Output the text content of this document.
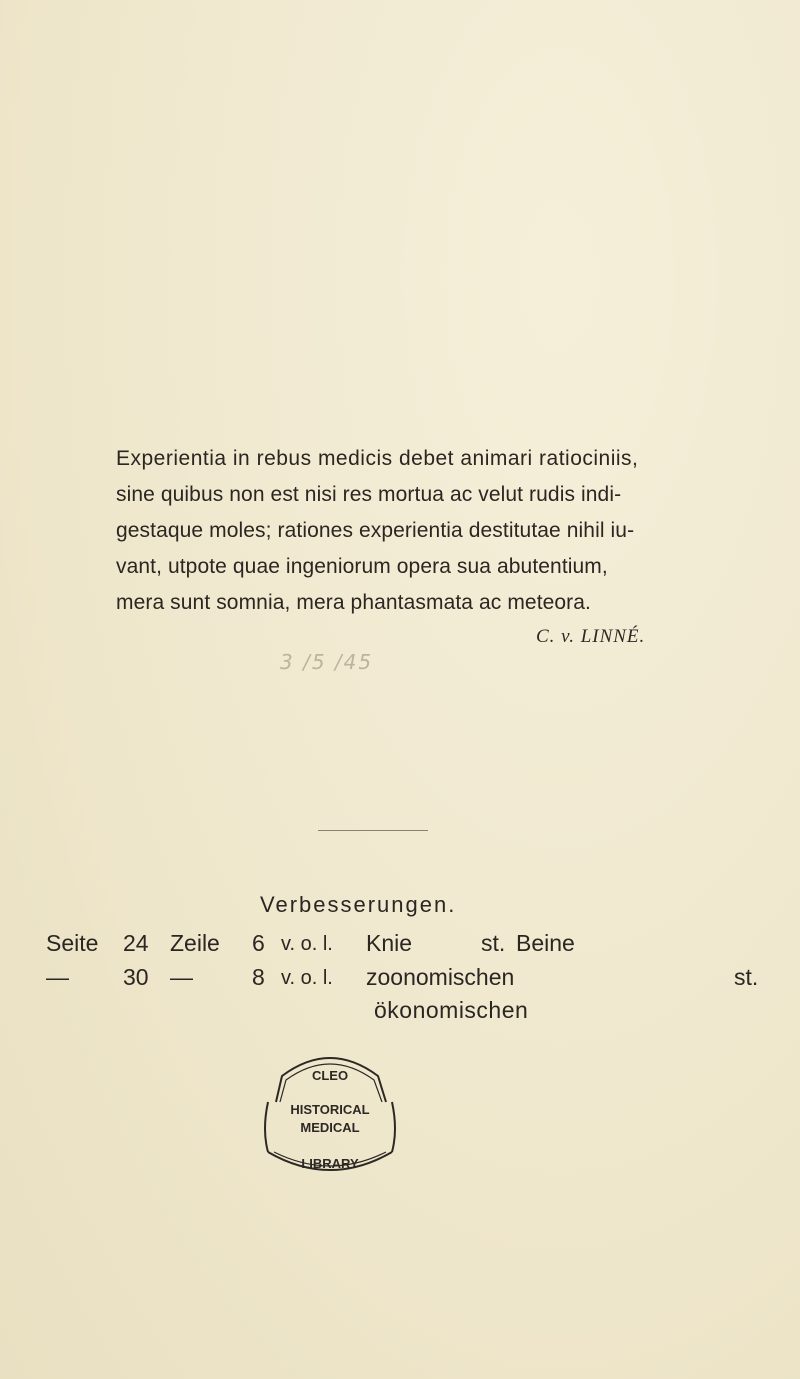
Experientia in rebus medicis debet animari ratiociniis,
sine quibus non est nisi res mortua ac velut rudis indi-
gestaque moles; rationes experientia destitutae nihil iu-
vant, utpote quae ingeniorum opera sua abutentium,
mera sunt somnia, mera phantasmata ac meteora.
C. v. LINNÉ.
3 /5 /45
Verbesserungen.
Seite 24 Zeile 6 v. o. l. Knie	st. Beine
— 30 —	8 v. o. l. zoonomischen	st.
ökonomischen
CLEO
HISTORICAL
MEDICAL
LIBRARY
